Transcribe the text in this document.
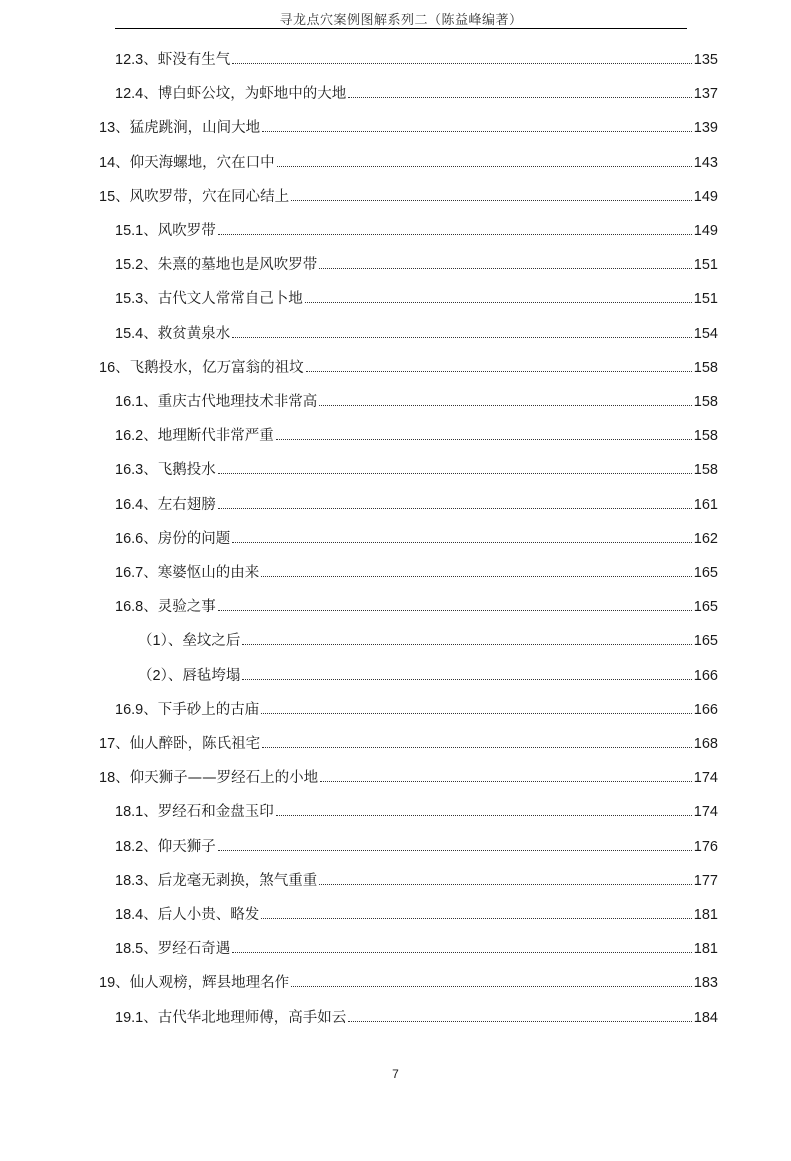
寻龙点穴案例图解系列二（陈益峰编著）
12.3、 虾没有生气	135
12.4、 博白虾公坟，为虾地中的大地	137
13、 猛虎跳涧，山间大地	139
14、 仰天海螺地，穴在口中	143
15、 风吹罗带，穴在同心结上	149
15.1、 风吹罗带	149
15.2、 朱熹的墓地也是风吹罗带	151
15.3、 古代文人常常自己卜地	151
15.4、 救贫黄泉水	154
16、 飞鹅投水，亿万富翁的祖坟	158
16.1、 重庆古代地理技术非常高	158
16.2、 地理断代非常严重	158
16.3、 飞鹅投水	158
16.4、 左右翅膀	161
16.6、 房份的问题	162
16.7、 寒婆怄山的由来	165
16.8、 灵验之事	165
（1）、 垒坟之后	165
（2）、 唇毡垮塌	166
16.9、 下手砂上的古庙	166
17、 仙人醉卧，陈氏祖宅	168
18、 仰天狮子——罗经石上的小地	174
18.1、 罗经石和金盘玉印	174
18.2、 仰天狮子	176
18.3、 后龙毫无剥换，煞气重重	177
18.4、 后人小贵、略发	181
18.5、 罗经石奇遇	181
19、 仙人观榜，辉县地理名作	183
19.1、 古代华北地理师傅，高手如云	184
7
